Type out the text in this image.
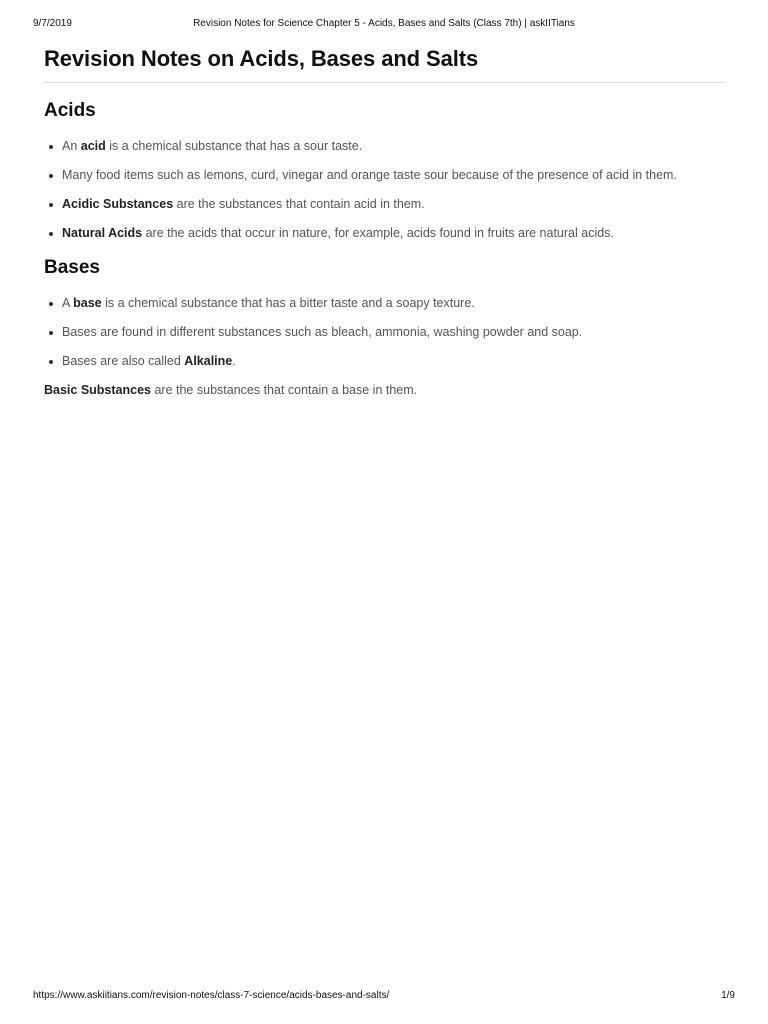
9/7/2019	Revision Notes for Science Chapter 5 - Acids, Bases and Salts (Class 7th) | askIITians
Revision Notes on Acids, Bases and Salts
Acids
An acid is a chemical substance that has a sour taste.
Many food items such as lemons, curd, vinegar and orange taste sour because of the presence of acid in them.
Acidic Substances are the substances that contain acid in them.
Natural Acids are the acids that occur in nature, for example, acids found in fruits are natural acids.
Bases
A base is a chemical substance that has a bitter taste and a soapy texture.
Bases are found in different substances such as bleach, ammonia, washing powder and soap.
Bases are also called Alkaline.

Basic Substances are the substances that contain a base in them.

https://www.askiitians.com/revision-notes/class-7-science/acids-bases-and-salts/	1/9
